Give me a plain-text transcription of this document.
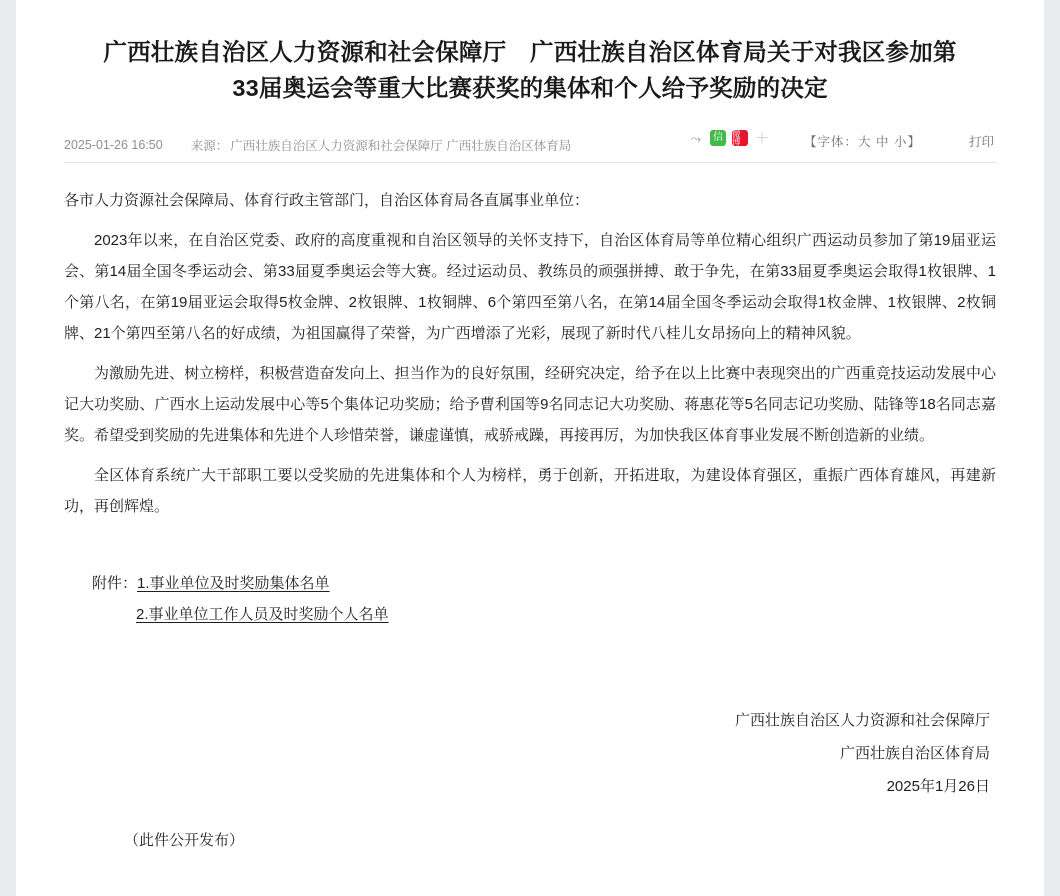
广西壮族自治区人力资源和社会保障厅　广西壮族自治区体育局关于对我区参加第33届奥运会等重大比赛获奖的集体和个人给予奖励的决定
2025-01-26 16:50 来源： 广西壮族自治区人力资源和社会保障厅 广西壮族自治区体育局
⤳	信	微博	＋	【字体：大 中 小】	打印

各市人力资源社会保障局、体育行政主管部门，自治区体育局各直属事业单位：

2023年以来，在自治区党委、政府的高度重视和自治区领导的关怀支持下，自治区体育局等单位精心组织广西运动员参加了第19届亚运会、第14届全国冬季运动会、第33届夏季奥运会等大赛。经过运动员、教练员的顽强拼搏、敢于争先，在第33届夏季奥运会取得1枚银牌、1个第八名，在第19届亚运会取得5枚金牌、2枚银牌、1枚铜牌、6个第四至第八名，在第14届全国冬季运动会取得1枚金牌、1枚银牌、2枚铜牌、21个第四至第八名的好成绩，为祖国赢得了荣誉，为广西增添了光彩，展现了新时代八桂儿女昂扬向上的精神风貌。

为激励先进、树立榜样，积极营造奋发向上、担当作为的良好氛围，经研究决定，给予在以上比赛中表现突出的广西重竞技运动发展中心记大功奖励、广西水上运动发展中心等5个集体记功奖励；给予曹利国等9名同志记大功奖励、蒋惠花等5名同志记功奖励、陆锋等18名同志嘉奖。希望受到奖励的先进集体和先进个人珍惜荣誉，谦虚谨慎，戒骄戒躁，再接再厉，为加快我区体育事业发展不断创造新的业绩。

全区体育系统广大干部职工要以受奖励的先进集体和个人为榜样，勇于创新，开拓进取，为建设体育强区，重振广西体育雄风，再建新功，再创辉煌。

附件：1.事业单位及时奖励集体名单
2.事业单位工作人员及时奖励个人名单
广西壮族自治区人力资源和社会保障厅
广西壮族自治区体育局
2025年1月26日
（此件公开发布）
